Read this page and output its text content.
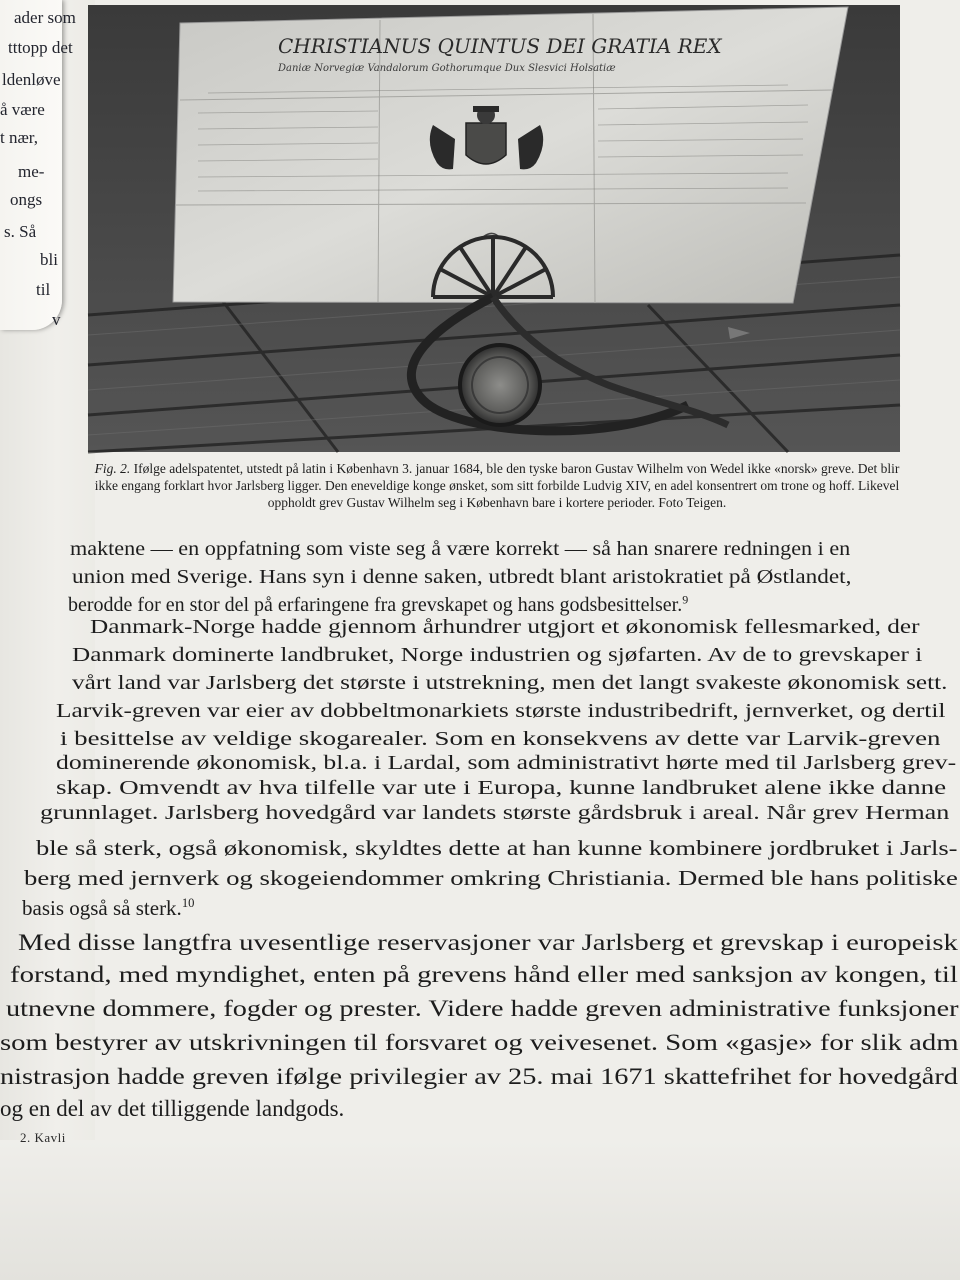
ader som
tttopp det
ldenløve
å være
t nær,
me-
ongs
s. Så
bli
til
v
CHRISTIANUS QUINTUS DEI GRATIA REX
Daniæ Norvegiæ Vandalorum Gothorumque Dux Slesvici Holsatiæ
Fig. 2. Ifølge adelspatentet, utstedt på latin i København 3. januar 1684, ble den tyske baron Gustav Wilhelm von Wedel ikke «norsk» greve. Det blir ikke engang forklart hvor Jarlsberg ligger. Den eneveldige konge ønsket, som sitt forbilde Ludvig XIV, en adel konsentrert om trone og hoff. Likevel oppholdt grev Gustav Wilhelm seg i København bare i kortere perioder. Foto Teigen.
maktene — en oppfatning som viste seg å være korrekt — så han snarere redningen i en
union med Sverige. Hans syn i denne saken, utbredt blant aristokratiet på Østlandet,
berodde for en stor del på erfaringene fra grevskapet og hans godsbesittelser.$^9$
Danmark-Norge hadde gjennom århundrer utgjort et økonomisk fellesmarked, der
Danmark dominerte landbruket, Norge industrien og sjøfarten. Av de to grevskaper i
vårt land var Jarlsberg det største i utstrekning, men det langt svakeste økonomisk sett.
Larvik-greven var eier av dobbeltmonarkiets største industribedrift, jernverket, og dertil
i besittelse av veldige skogarealer. Som en konsekvens av dette var Larvik-greven
dominerende økonomisk, bl.a. i Lardal, som administrativt hørte med til Jarlsberg grev-
skap. Omvendt av hva tilfelle var ute i Europa, kunne landbruket alene ikke danne
grunnlaget. Jarlsberg hovedgård var landets største gårdsbruk i areal. Når grev Herman
ble så sterk, også økonomisk, skyldtes dette at han kunne kombinere jordbruket i Jarls-
berg med jernverk og skogeiendommer omkring Christiania. Dermed ble hans politiske
basis også så sterk.$^{10}$
Med disse langtfra uvesentlige reservasjoner var Jarlsberg et grevskap i europeisk
forstand, med myndighet, enten på grevens hånd eller med sanksjon av kongen, til
utnevne dommere, fogder og prester. Videre hadde greven administrative funksjoner
som bestyrer av utskrivningen til forsvaret og veivesenet. Som «gasje» for slik adm
nistrasjon hadde greven ifølge privilegier av 25. mai 1671 skattefrihet for hovedgård
og en del av det tilliggende landgods.
2. Kavli
